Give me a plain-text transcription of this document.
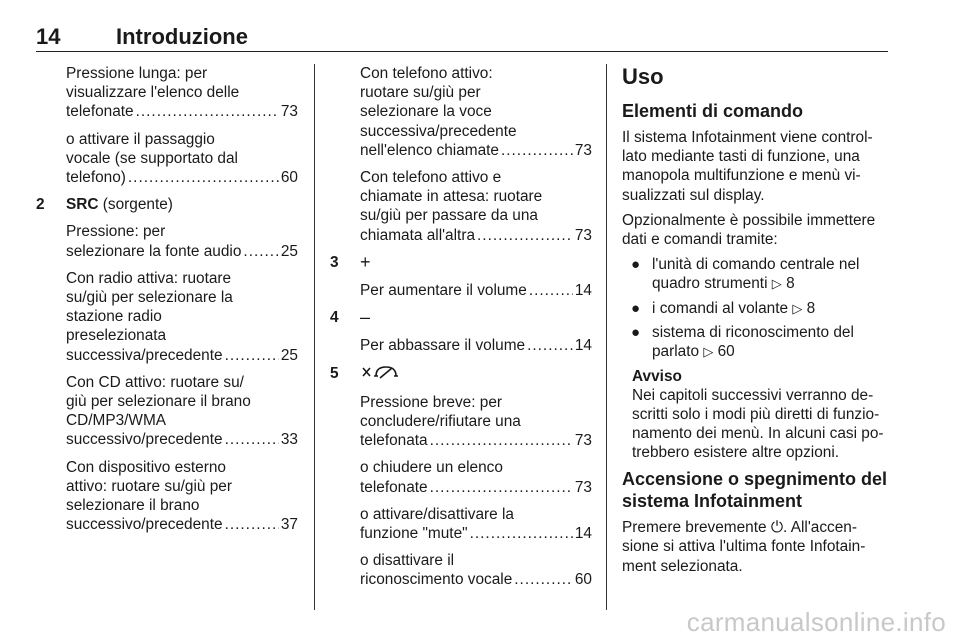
14	Introduzione
Pressione lunga: per
visualizzare l'elenco delle
telefonate .....	73
o attivare il passaggio
vocale (se supportato dal
telefono) .....	60
2 SRC (sorgente)
Pressione: per
selezionare la fonte audio .....	25
Con radio attiva: ruotare
su/giù per selezionare la
stazione radio
preselezionata
successiva/precedente .....	25
Con CD attivo: ruotare su/
giù per selezionare il brano
CD/MP3/WMA
successivo/precedente .....	33
Con dispositivo esterno
attivo: ruotare su/giù per
selezionare il brano
successivo/precedente .....	37
Con telefono attivo:
ruotare su/giù per
selezionare la voce
successiva/precedente
nell'elenco chiamate .....	73
Con telefono attivo e
chiamate in attesa: ruotare
su/giù per passare da una
chiamata all'altra .....	73
3 +
Per aumentare il volume .....	14
4 –
Per abbassare il volume .....	14
5
Pressione breve: per
concludere/rifiutare una
telefonata .....	73
o chiudere un elenco
telefonate .....	73
o attivare/disattivare la
funzione "mute" .....	14
o disattivare il
riconoscimento vocale .....	60
Uso
Elementi di comando
Il sistema Infotainment viene control-lato mediante tasti di funzione, una manopola multifunzione e menù vi-sualizzati sul display.
Opzionalmente è possibile immettere dati e comandi tramite:
● l'unità di comando centrale nel quadro strumenti ▷ 8
● i comandi al volante ▷ 8
● sistema di riconoscimento del parlato ▷ 60
Avviso
Nei capitoli successivi verranno de-scritti solo i modi più diretti di funzio-namento dei menù. In alcuni casi po-trebbero esistere altre opzioni.
Accensione o spegnimento del sistema Infotainment
Premere brevemente ⏻. All'accen-sione si attiva l'ultima fonte Infotain-ment selezionata.
carmanualsonline.info
